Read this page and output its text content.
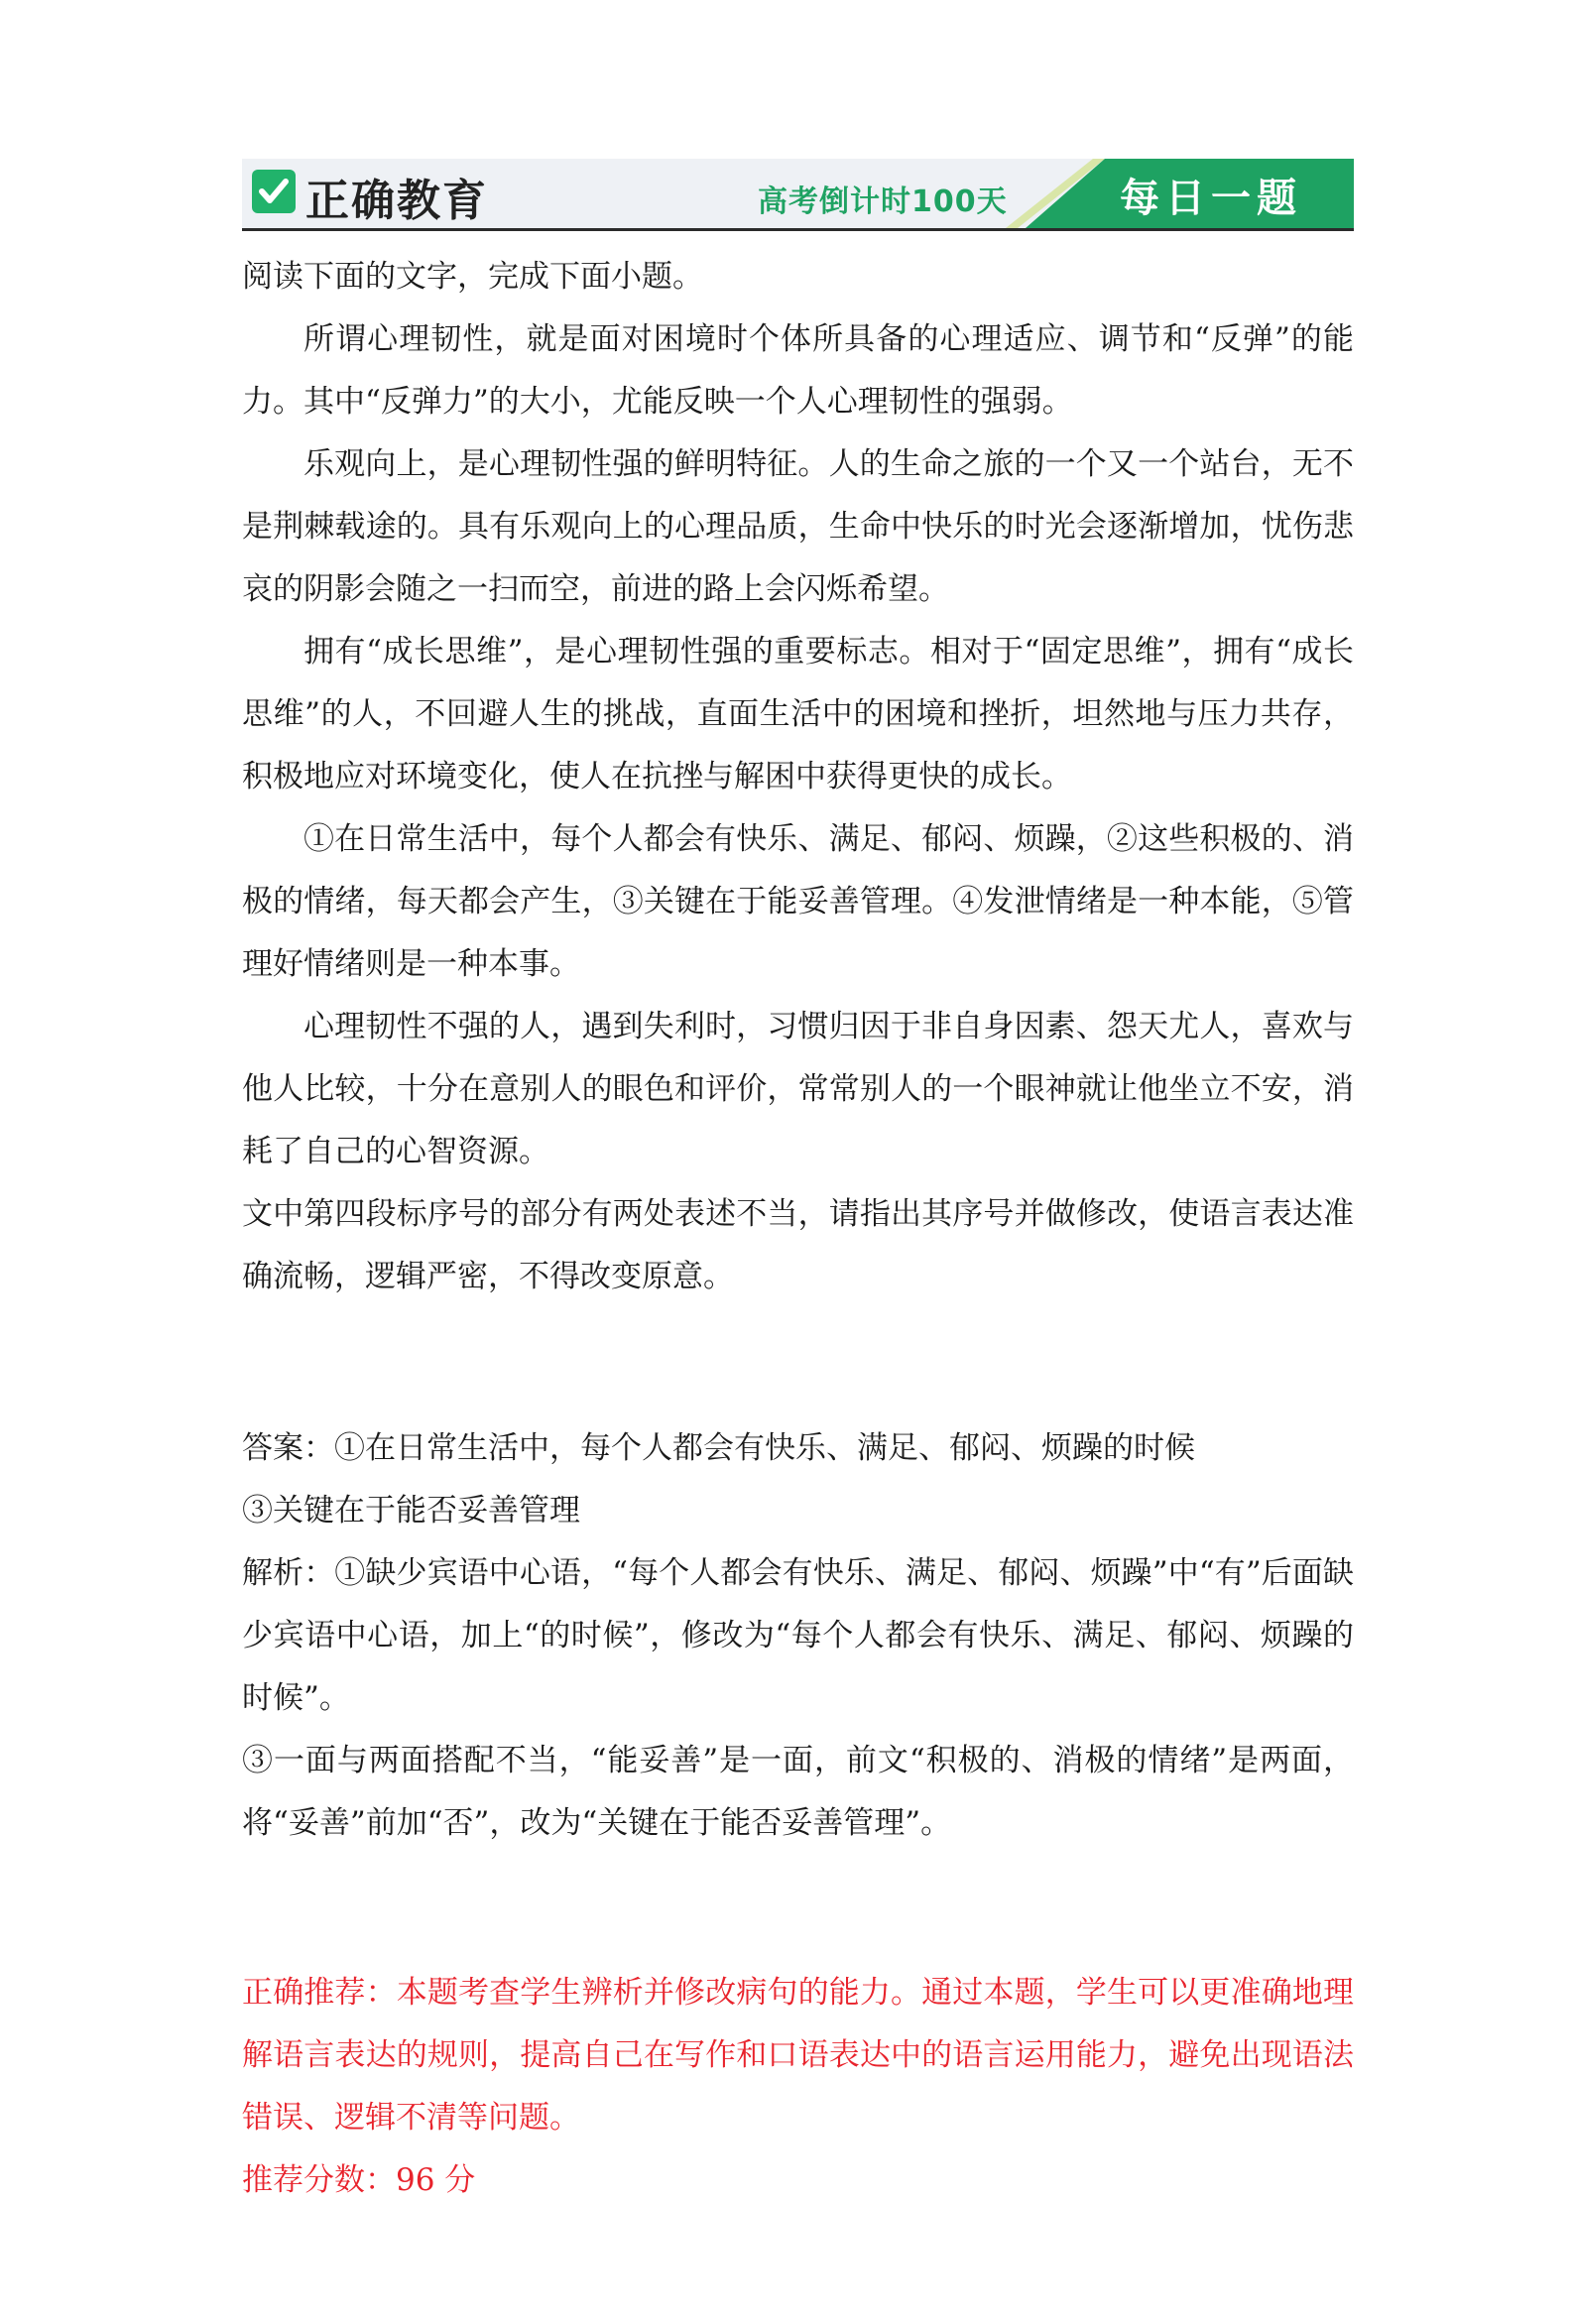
正确教育	高考倒计时100天	每日一题
阅读下面的文字，完成下面小题。
所谓心理韧性，就是面对困境时个体所具备的心理适应、调节和“反弹”的能力。其中“反弹力”的大小，尤能反映一个人心理韧性的强弱。
乐观向上，是心理韧性强的鲜明特征。人的生命之旅的一个又一个站台，无不是荆棘载途的。具有乐观向上的心理品质，生命中快乐的时光会逐渐增加，忧伤悲哀的阴影会随之一扫而空，前进的路上会闪烁希望。
拥有“成长思维”，是心理韧性强的重要标志。相对于“固定思维”，拥有“成长思维”的人，不回避人生的挑战，直面生活中的困境和挫折，坦然地与压力共存，积极地应对环境变化，使人在抗挫与解困中获得更快的成长。
①在日常生活中，每个人都会有快乐、满足、郁闷、烦躁，②这些积极的、消极的情绪，每天都会产生，③关键在于能妥善管理。④发泄情绪是一种本能，⑤管理好情绪则是一种本事。
心理韧性不强的人，遇到失利时，习惯归因于非自身因素、怨天尤人，喜欢与他人比较，十分在意别人的眼色和评价，常常别人的一个眼神就让他坐立不安，消耗了自己的心智资源。
文中第四段标序号的部分有两处表述不当，请指出其序号并做修改，使语言表达准确流畅，逻辑严密，不得改变原意。
答案：①在日常生活中，每个人都会有快乐、满足、郁闷、烦躁的时候
③关键在于能否妥善管理
解析：①缺少宾语中心语，“每个人都会有快乐、满足、郁闷、烦躁”中“有”后面缺少宾语中心语，加上“的时候”，修改为“每个人都会有快乐、满足、郁闷、烦躁的时候”。
③一面与两面搭配不当，“能妥善”是一面，前文“积极的、消极的情绪”是两面，将“妥善”前加“否”，改为“关键在于能否妥善管理”。
正确推荐：本题考查学生辨析并修改病句的能力。通过本题，学生可以更准确地理解语言表达的规则，提高自己在写作和口语表达中的语言运用能力，避免出现语法错误、逻辑不清等问题。
推荐分数：96 分
